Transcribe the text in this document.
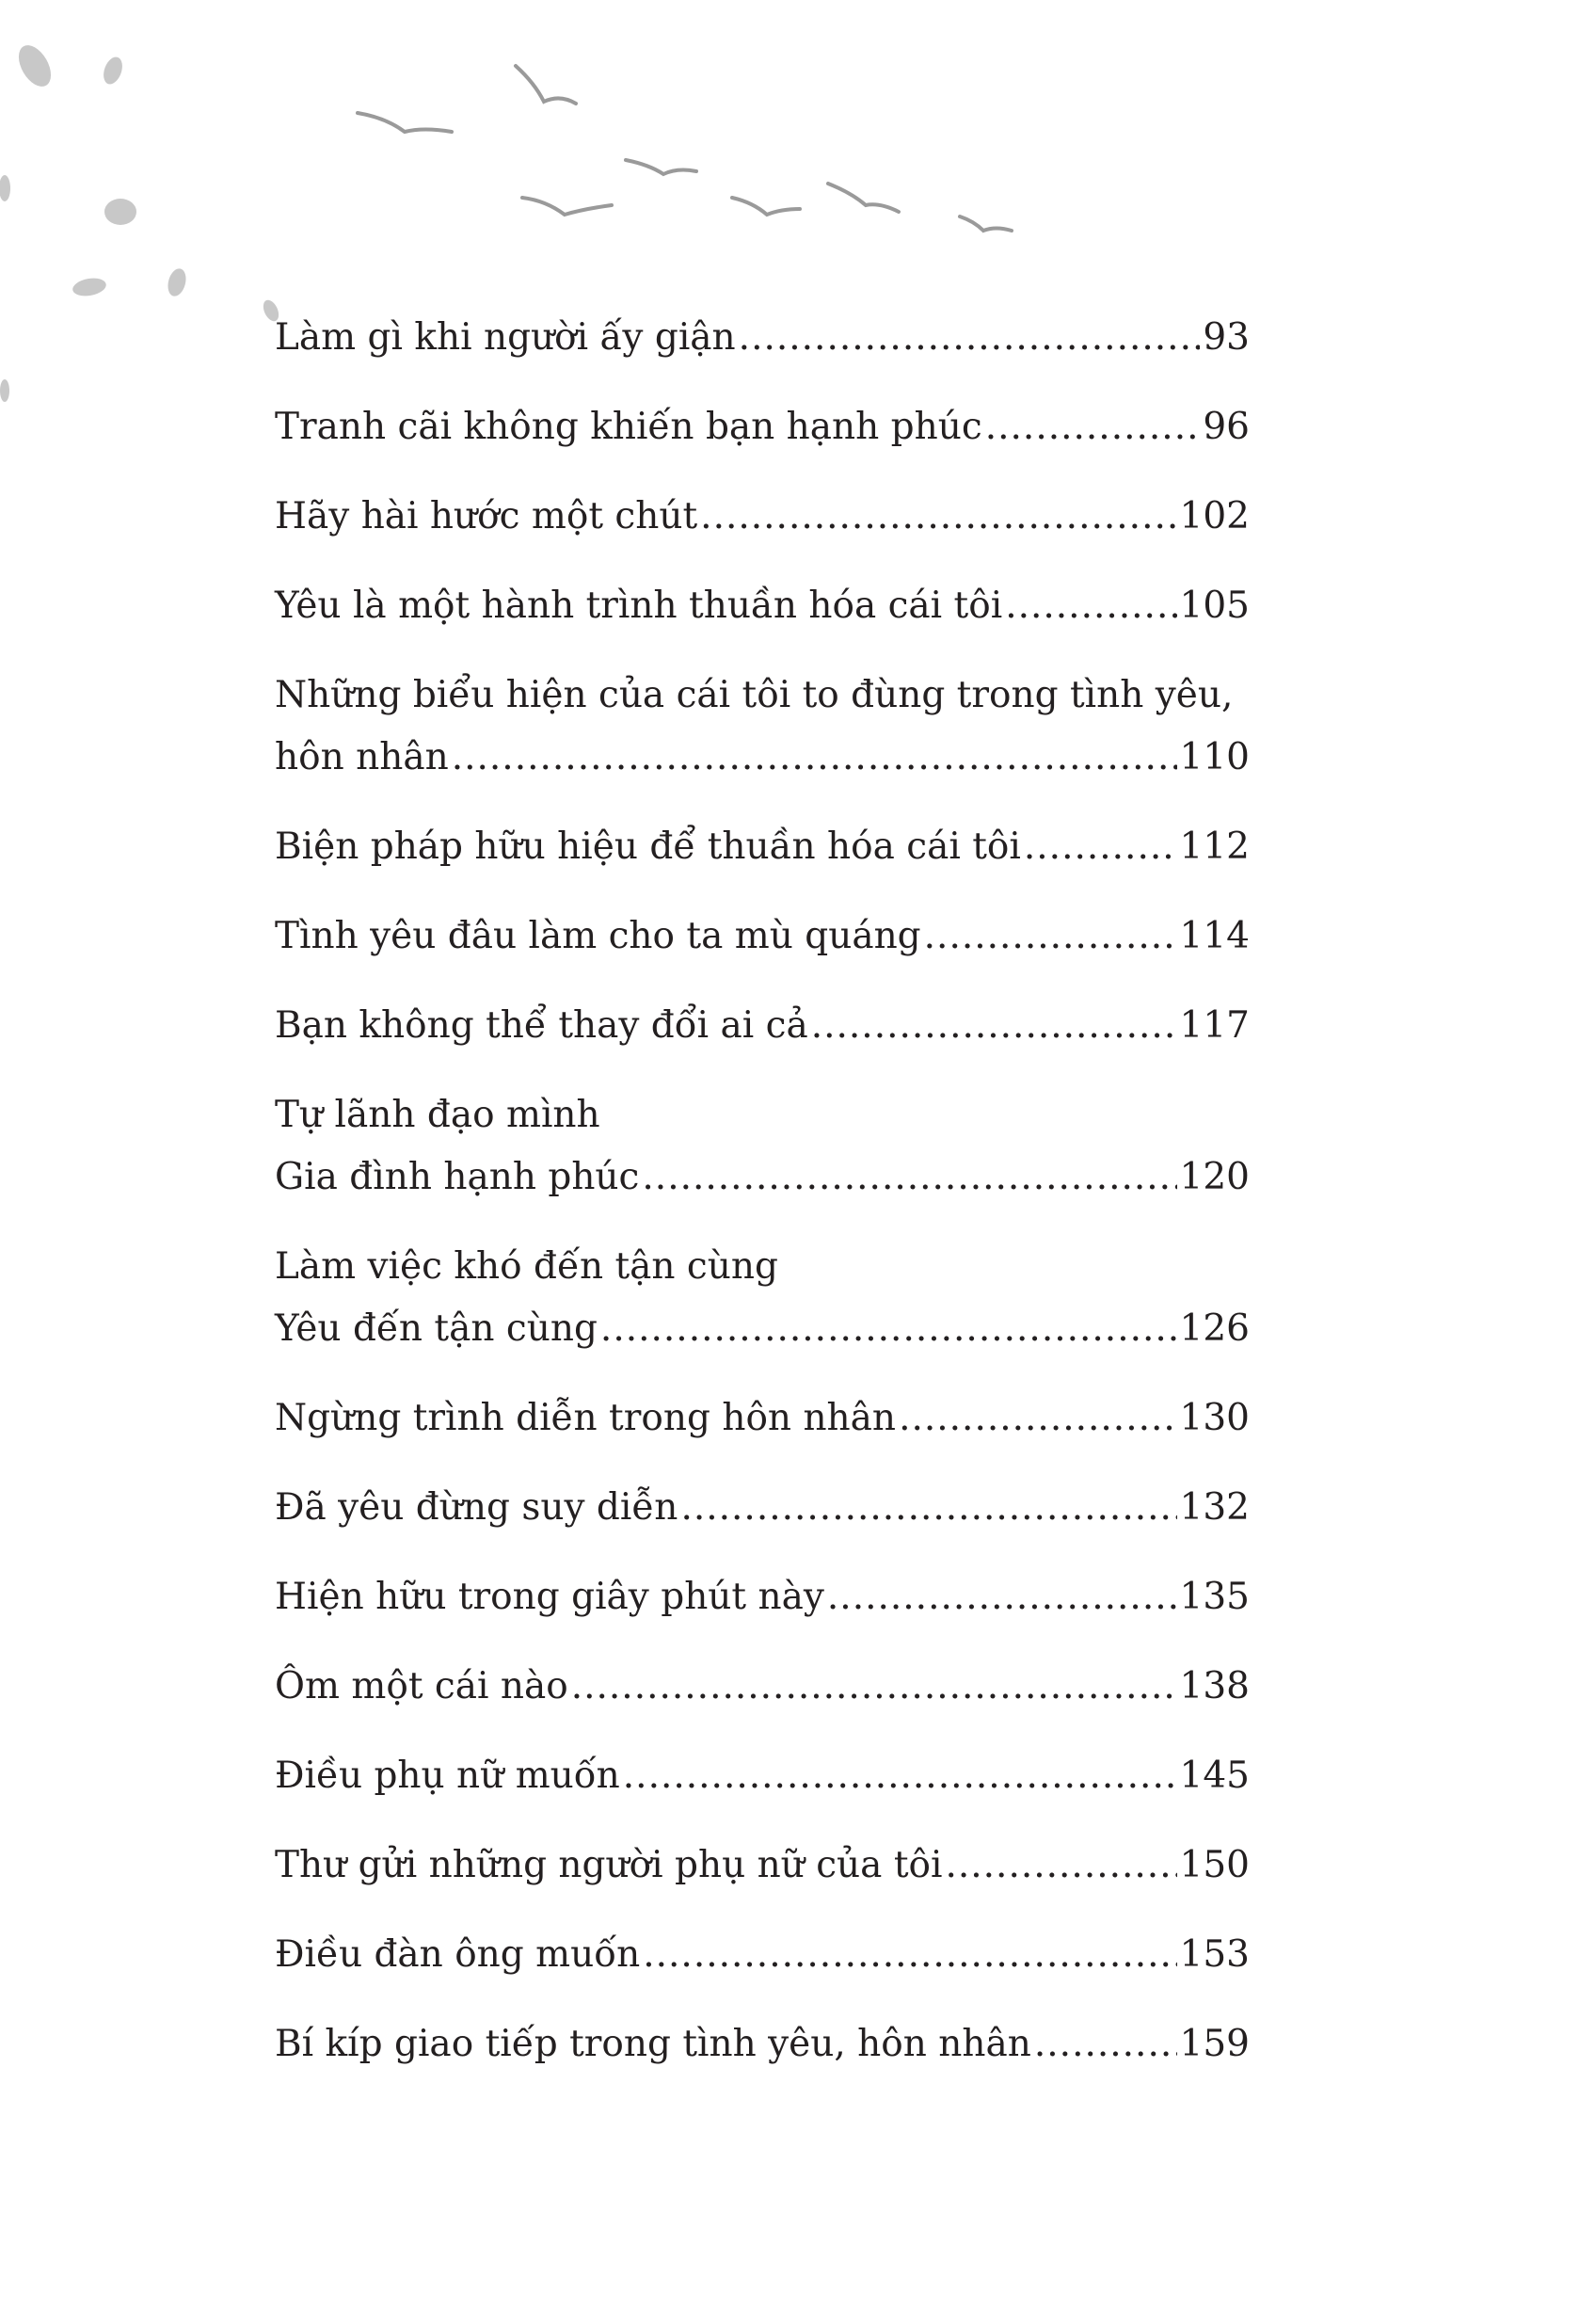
Làm gì khi người ấy giận .....	93
Tranh cãi không khiến bạn hạnh phúc .....	96
Hãy hài hước một chút .....	102
Yêu là một hành trình thuần hóa cái tôi .....	105
Những biểu hiện của cái tôi to đùng trong tình yêu,
hôn nhân .....	110
Biện pháp hữu hiệu để thuần hóa cái tôi .....	112
Tình yêu đâu làm cho ta mù quáng .....	114
Bạn không thể thay đổi ai cả .....	117
Tự lãnh đạo mình
Gia đình hạnh phúc .....	120
Làm việc khó đến tận cùng
Yêu đến tận cùng .....	126
Ngừng trình diễn trong hôn nhân .....	130
Đã yêu đừng suy diễn .....	132
Hiện hữu trong giây phút này .....	135
Ôm một cái nào .....	138
Điều phụ nữ muốn .....	145
Thư gửi những người phụ nữ của tôi .....	150
Điều đàn ông muốn .....	153
Bí kíp giao tiếp trong tình yêu, hôn nhân .....	159
